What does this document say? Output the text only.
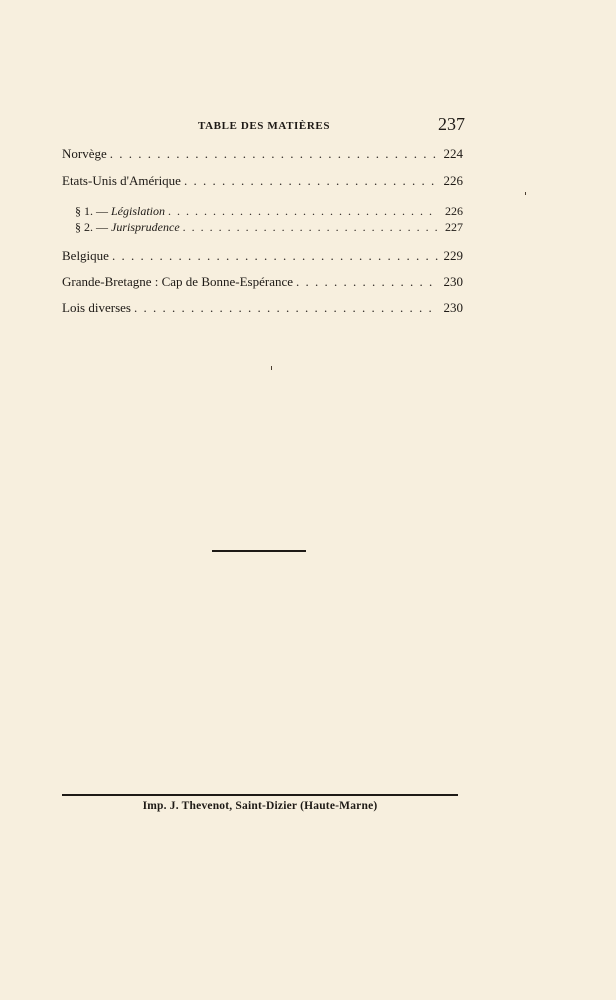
TABLE DES MATIÈRES	237
Norvège . . .	224
Etats-Unis d'Amérique . . .	226
§ 1. — Législation . . .	226
§ 2. — Jurisprudence . . .	227
Belgique . . .	229
Grande-Bretagne : Cap de Bonne-Espérance . . .	230
Lois diverses . . .	230
Imp. J. Thevenot, Saint-Dizier (Haute-Marne)
